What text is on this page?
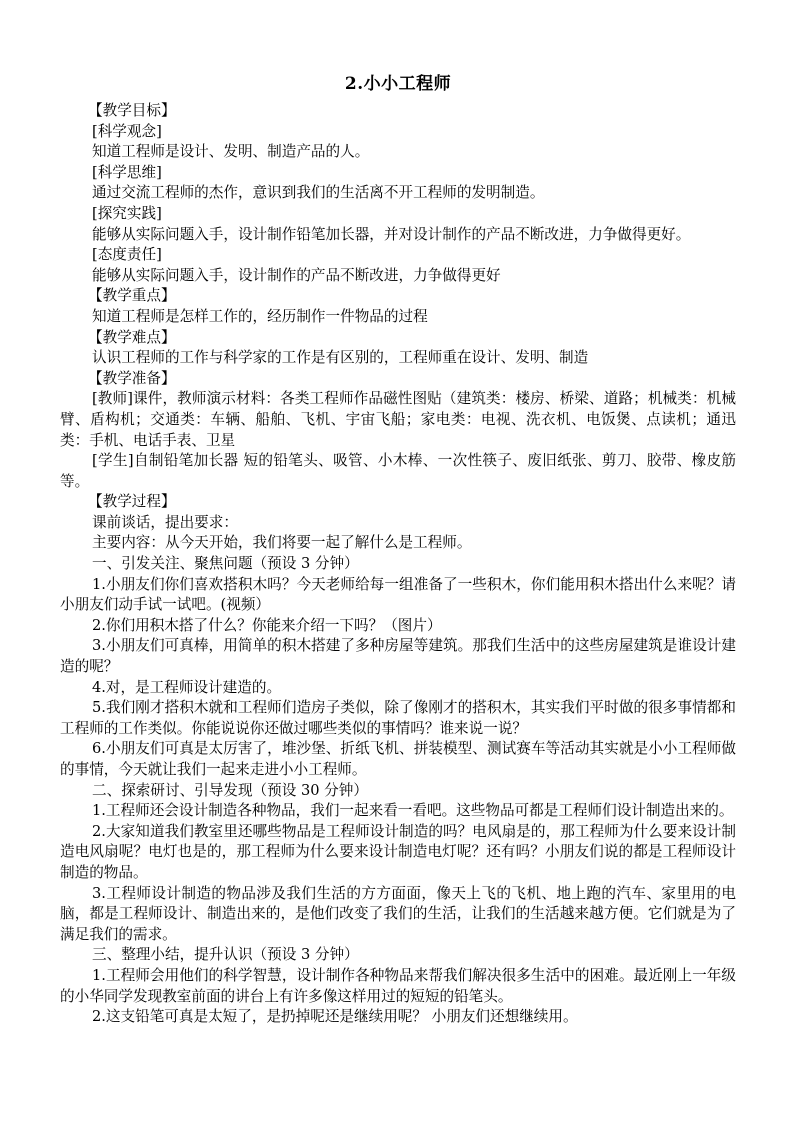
2.小小工程师

【教学目标】

[科学观念]

知道工程师是设计、发明、制造产品的人。

[科学思维]

通过交流工程师的杰作，意识到我们的生活离不开工程师的发明制造。

[探究实践]

能够从实际问题入手，设计制作铅笔加长器，并对设计制作的产品不断改进，力争做得更好。

[态度责任]

能够从实际问题入手，设计制作的产品不断改进，力争做得更好

【教学重点】

知道工程师是怎样工作的，经历制作一件物品的过程

【教学难点】

认识工程师的工作与科学家的工作是有区别的，工程师重在设计、发明、制造

【教学准备】

[教师]课件，教师演示材料：各类工程师作品磁性图贴（建筑类：楼房、桥梁、道路；机械类：机械臂、盾构机；交通类：车辆、船舶、飞机、宇宙飞船；家电类：电视、洗衣机、电饭煲、点读机；通迅类：手机、电话手表、卫星

[学生]自制铅笔加长器 短的铅笔头、吸管、小木棒、一次性筷子、废旧纸张、剪刀、胶带、橡皮筋等。

【教学过程】

课前谈话，提出要求：

主要内容：从今天开始，我们将要一起了解什么是工程师。

一、引发关注、聚焦问题（预设 3 分钟）

1.小朋友们你们喜欢搭积木吗？今天老师给每一组准备了一些积木，你们能用积木搭出什么来呢？请小朋友们动手试一试吧。(视频）

2.你们用积木搭了什么？你能来介绍一下吗？（图片）

3.小朋友们可真棒，用简单的积木搭建了多种房屋等建筑。那我们生活中的这些房屋建筑是谁设计建造的呢？

4.对，是工程师设计建造的。

5.我们刚才搭积木就和工程师们造房子类似，除了像刚才的搭积木，其实我们平时做的很多事情都和工程师的工作类似。你能说说你还做过哪些类似的事情吗？谁来说一说？

6.小朋友们可真是太厉害了，堆沙堡、折纸飞机、拼装模型、测试赛车等活动其实就是小小工程师做的事情，今天就让我们一起来走进小小工程师。

二、探索研讨、引导发现（预设 30 分钟）

1.工程师还会设计制造各种物品，我们一起来看一看吧。这些物品可都是工程师们设计制造出来的。

2.大家知道我们教室里还哪些物品是工程师设计制造的吗？电风扇是的，那工程师为什么要来设计制造电风扇呢？电灯也是的，那工程师为什么要来设计制造电灯呢？还有吗？小朋友们说的都是工程师设计制造的物品。

3.工程师设计制造的物品涉及我们生活的方方面面，像天上飞的飞机、地上跑的汽车、家里用的电脑，都是工程师设计、制造出来的，是他们改变了我们的生活，让我们的生活越来越方便。它们就是为了满足我们的需求。

三、整理小结，提升认识（预设 3 分钟）

1.工程师会用他们的科学智慧，设计制作各种物品来帮我们解决很多生活中的困难。最近刚上一年级的小华同学发现教室前面的讲台上有许多像这样用过的短短的铅笔头。

2.这支铅笔可真是太短了，是扔掉呢还是继续用呢？ 小朋友们还想继续用。
